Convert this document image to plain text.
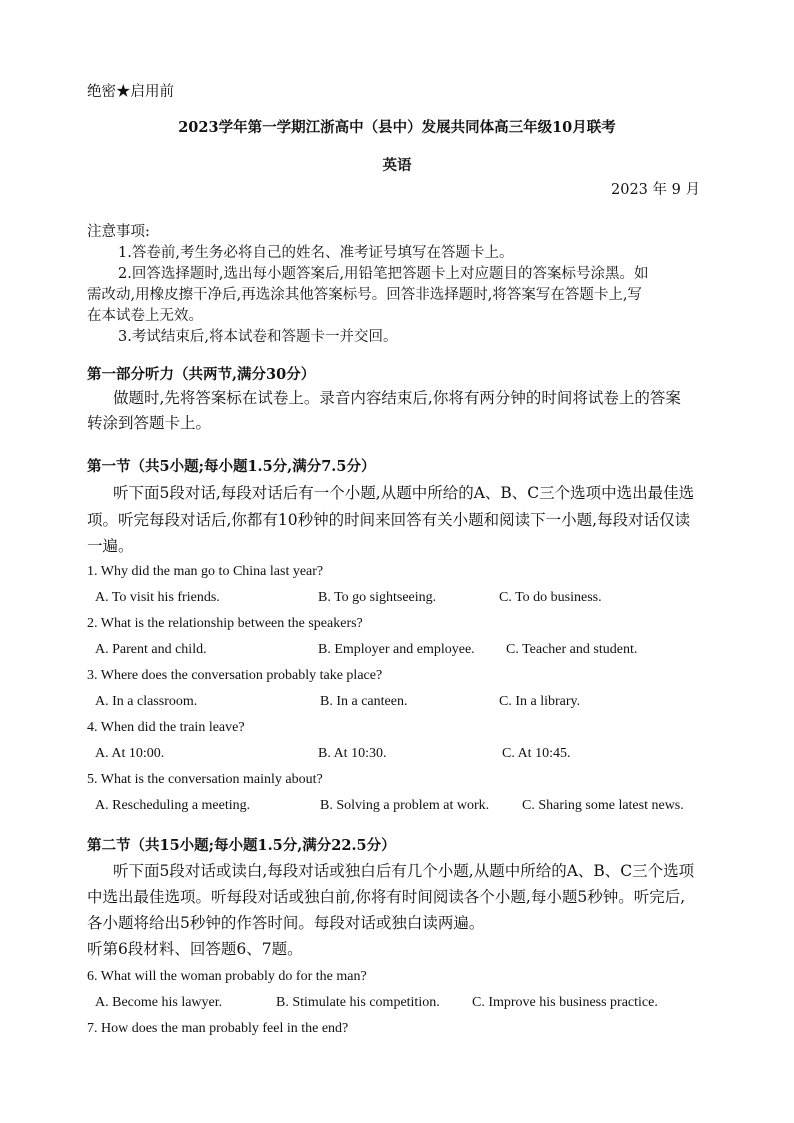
绝密★启用前
2023学年第一学期江浙高中（县中）发展共同体高三年级10月联考
英语
2023 年 9 月
注意事项:
1.答卷前,考生务必将自己的姓名、准考证号填写在答题卡上。
2.回答选择题时,选出每小题答案后,用铅笔把答题卡上对应题目的答案标号涂黑。如
需改动,用橡皮擦干净后,再选涂其他答案标号。回答非选择题时,将答案写在答题卡上,写
在本试卷上无效。
3.考试结束后,将本试卷和答题卡一并交回。
第一部分听力（共两节,满分30分）
做题时,先将答案标在试卷上。录音内容结束后,你将有两分钟的时间将试卷上的答案
转涂到答题卡上。
第一节（共5小题;每小题1.5分,满分7.5分）
听下面5段对话,每段对话后有一个小题,从题中所给的A、B、C三个选项中选出最佳选
项。听完每段对话后,你都有10秒钟的时间来回答有关小题和阅读下一小题,每段对话仅读
一遍。
1. Why did the man go to China last year?
A. To visit his friends.	B. To go sightseeing.	C. To do business.
2. What is the relationship between the speakers?
A. Parent and child.	B. Employer and employee. C. Teacher and student.
3. Where does the conversation probably take place?
A. In a classroom.	B. In a canteen.	C. In a library.
4. When did the train leave?
A. At 10:00.	B. At 10:30.	C. At 10:45.
5. What is the conversation mainly about?
A. Rescheduling a meeting.	B. Solving a problem at work. C. Sharing some latest news.
第二节（共15小题;每小题1.5分,满分22.5分）
听下面5段对话或读白,每段对话或独白后有几个小题,从题中所给的A、B、C三个选项
中选出最佳选项。听每段对话或独白前,你将有时间阅读各个小题,每小题5秒钟。听完后,
各小题将给出5秒钟的作答时间。每段对话或独白读两遍。
听第6段材料、回答题6、7题。
6. What will the woman probably do for the man?
A. Become his lawyer.	B. Stimulate his competition. C. Improve his business practice.
7. How does the man probably feel in the end?
